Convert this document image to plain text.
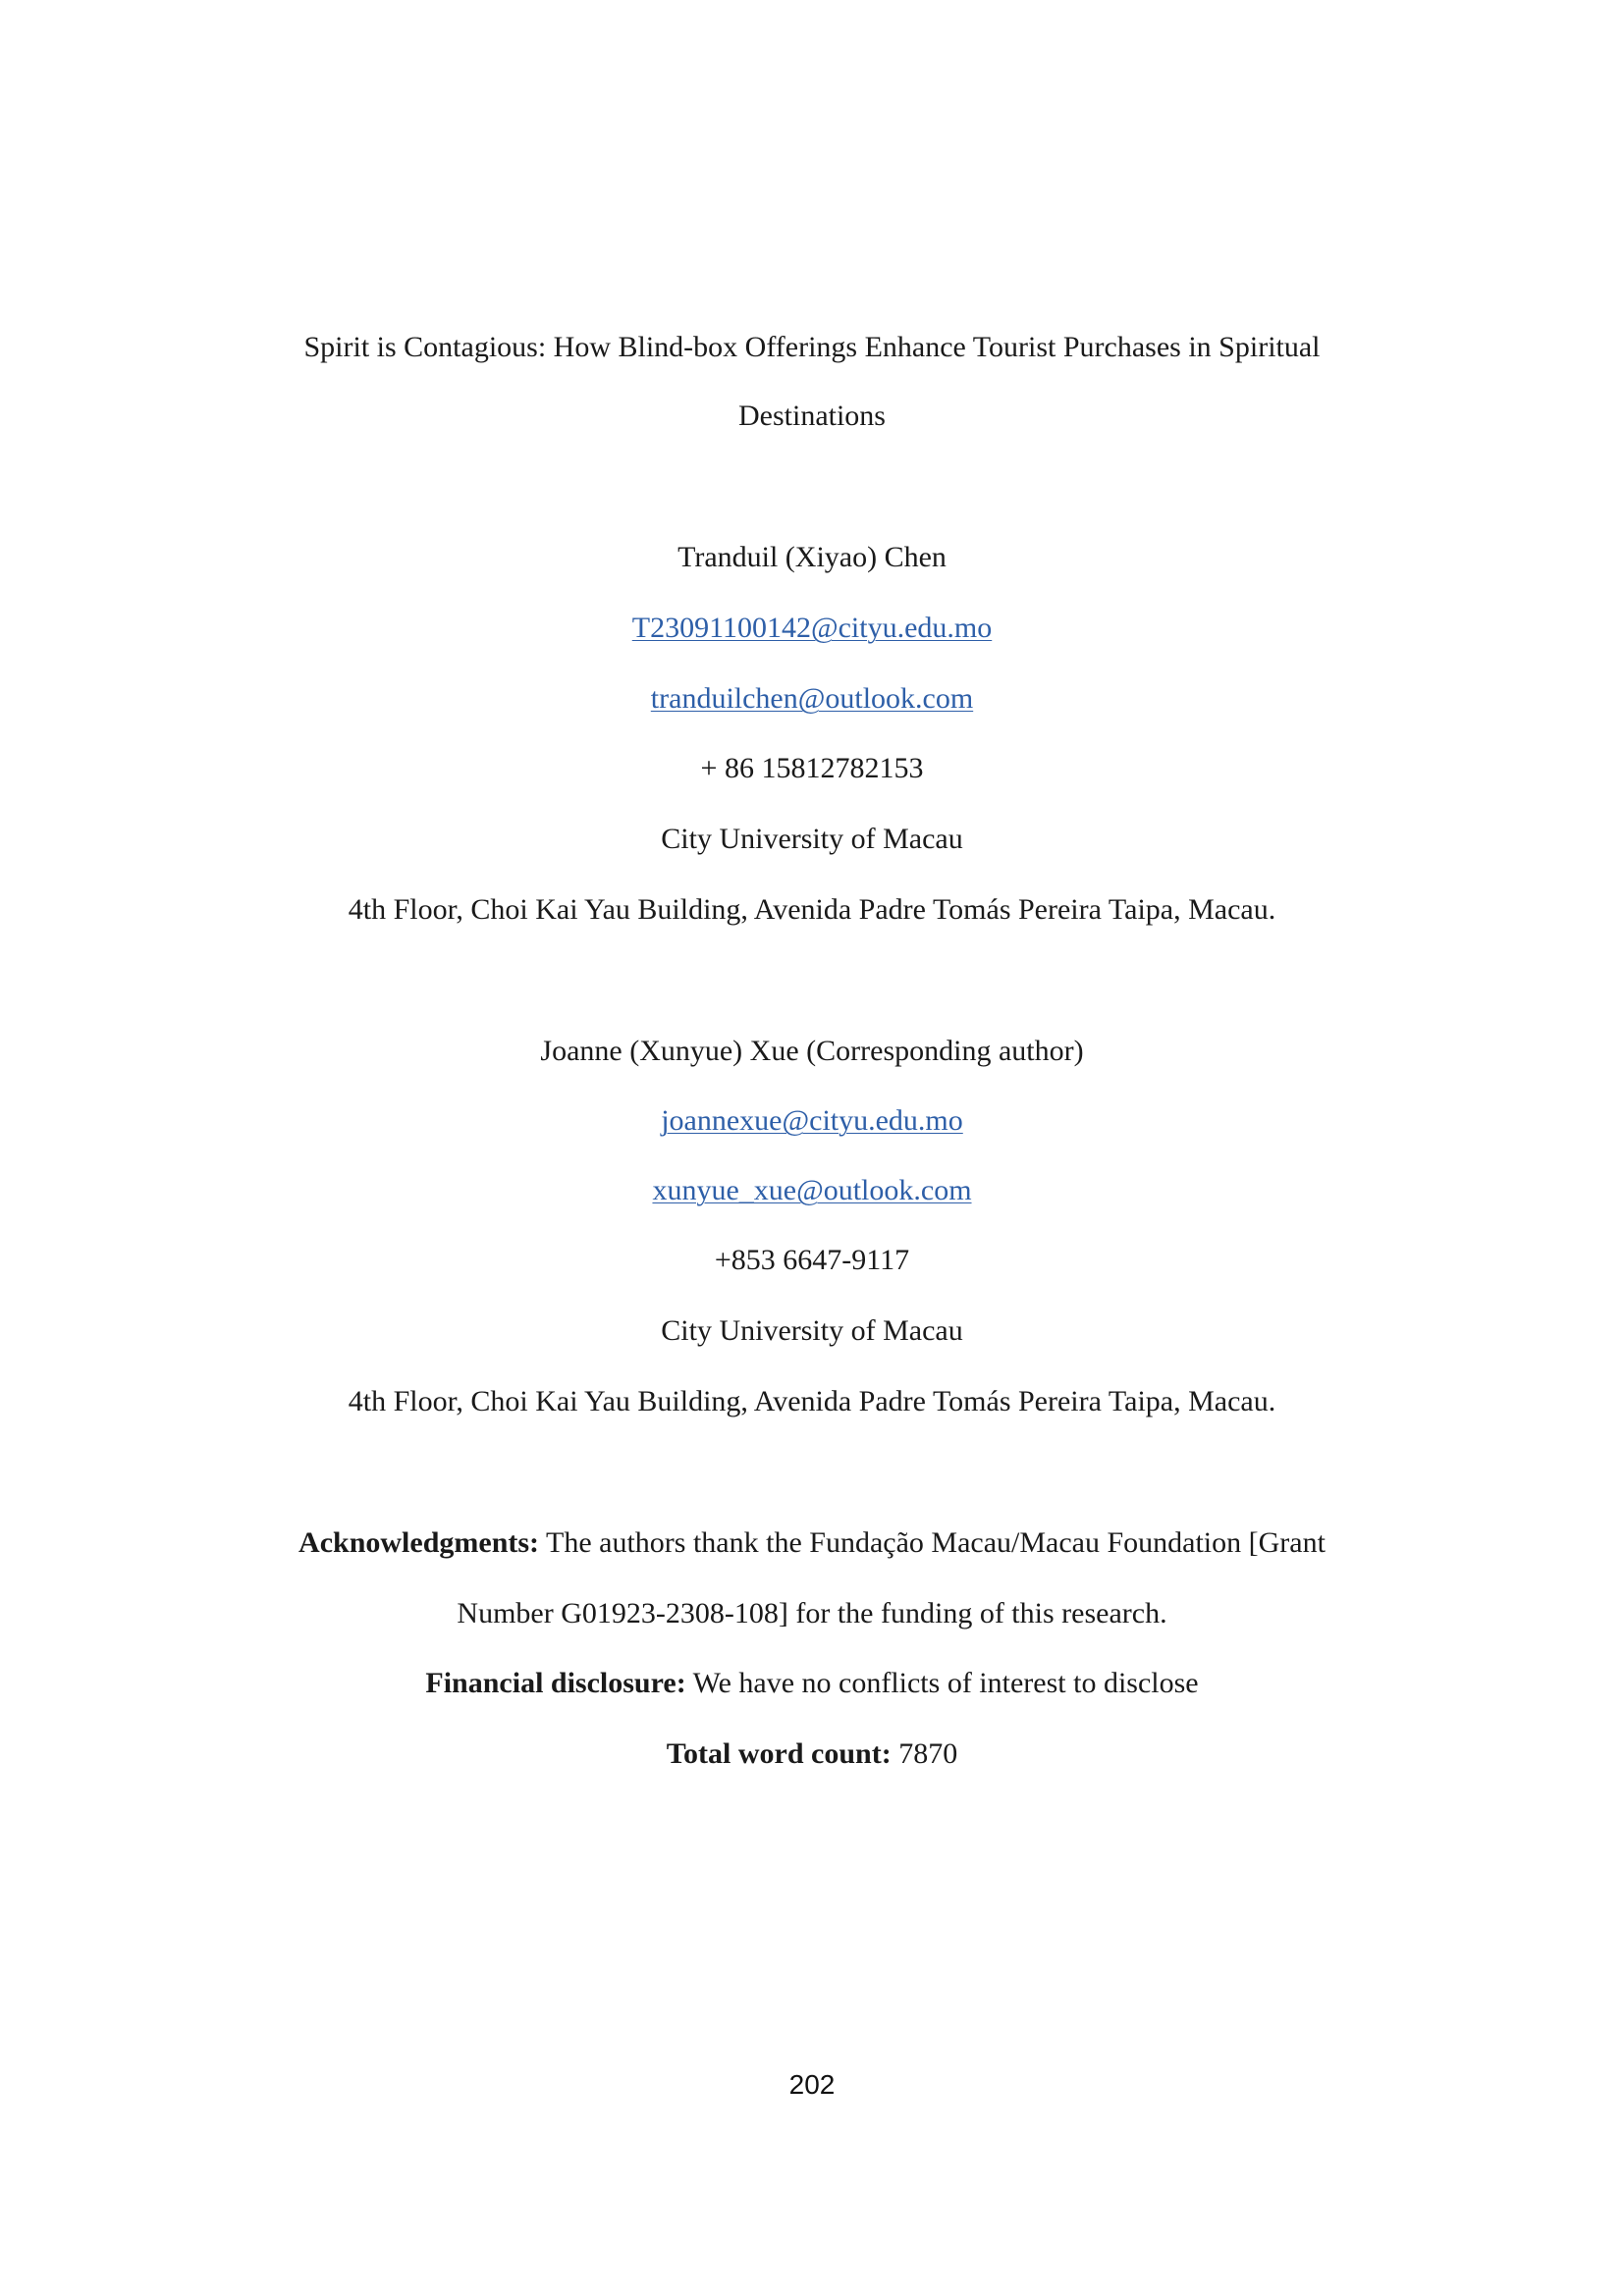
Spirit is Contagious: How Blind-box Offerings Enhance Tourist Purchases in Spiritual
Destinations
Tranduil (Xiyao) Chen
T23091100142@cityu.edu.mo
tranduilchen@outlook.com
+ 86 15812782153
City University of Macau
4th Floor, Choi Kai Yau Building, Avenida Padre Tomás Pereira Taipa, Macau.
Joanne (Xunyue) Xue (Corresponding author)
joannexue@cityu.edu.mo
xunyue_xue@outlook.com
+853 6647-9117
City University of Macau
4th Floor, Choi Kai Yau Building, Avenida Padre Tomás Pereira Taipa, Macau.
Acknowledgments: The authors thank the Fundação Macau/Macau Foundation [Grant
Number G01923-2308-108] for the funding of this research.
Financial disclosure: We have no conflicts of interest to disclose
Total word count: 7870
202
